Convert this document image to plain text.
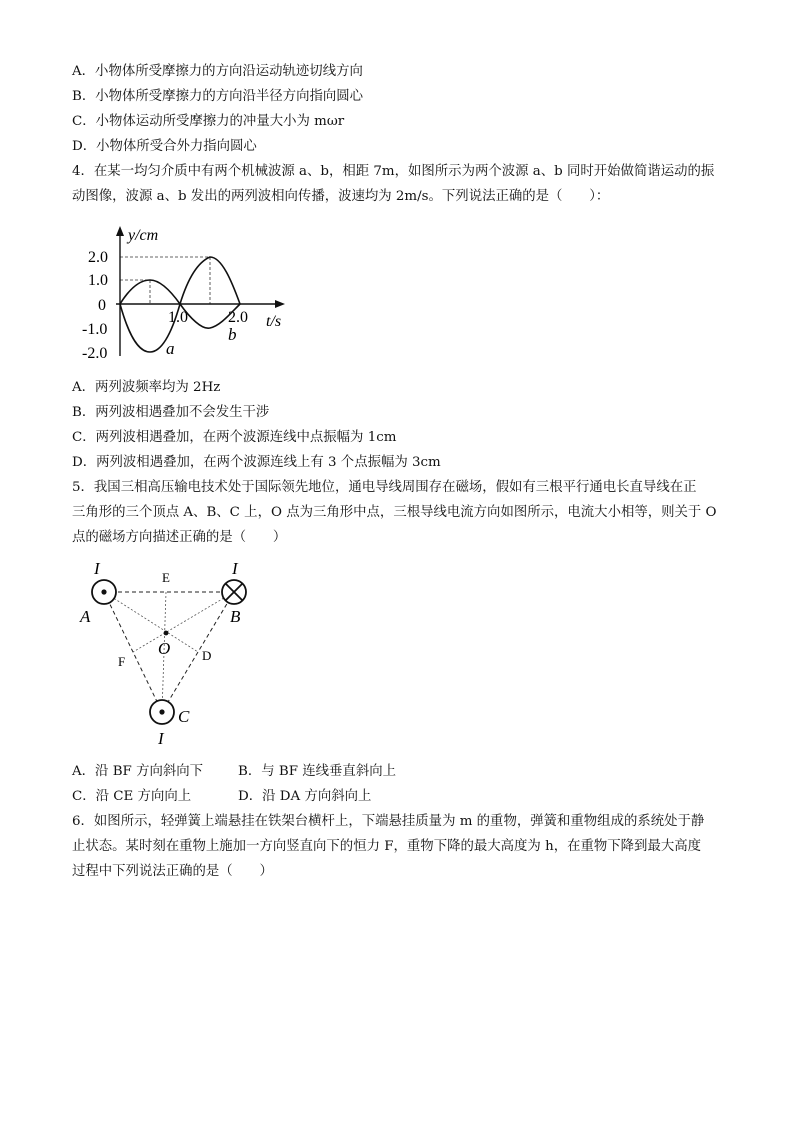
A．小物体所受摩擦力的方向沿运动轨迹切线方向
B．小物体所受摩擦力的方向沿半径方向指向圆心
C．小物体运动所受摩擦力的冲量大小为 mωr
D．小物体所受合外力指向圆心
4．在某一均匀介质中有两个机械波源 a、b，相距 7m，如图所示为两个波源 a、b 同时开始做简谐运动的振
动图像，波源 a、b 发出的两列波相向传播，波速均为 2m/s。下列说法正确的是（　　）：
y/cm
t/s
2.0
1.0
0
-1.0
-2.0
1.0	2.0
a
b
A．两列波频率均为 2Hz
B．两列波相遇叠加不会发生干涉
C．两列波相遇叠加，在两个波源连线中点振幅为 1cm
D．两列波相遇叠加，在两个波源连线上有 3 个点振幅为 3cm
5．我国三相高压输电技术处于国际领先地位，通电导线周围存在磁场，假如有三根平行通电长直导线在正
三角形的三个顶点 A、B、C 上，O 点为三角形中点，三根导线电流方向如图所示，电流大小相等，则关于 O
点的磁场方向描述正确的是（　　）
I	I
I
A	B
C
O
E
F	D
A．沿 BF 方向斜向下	B．与 BF 连线垂直斜向上
C．沿 CE 方向向上	D．沿 DA 方向斜向上
6．如图所示，轻弹簧上端悬挂在铁架台横杆上，下端悬挂质量为 m 的重物，弹簧和重物组成的系统处于静
止状态。某时刻在重物上施加一方向竖直向下的恒力 F，重物下降的最大高度为 h，在重物下降到最大高度
过程中下列说法正确的是（　　）
